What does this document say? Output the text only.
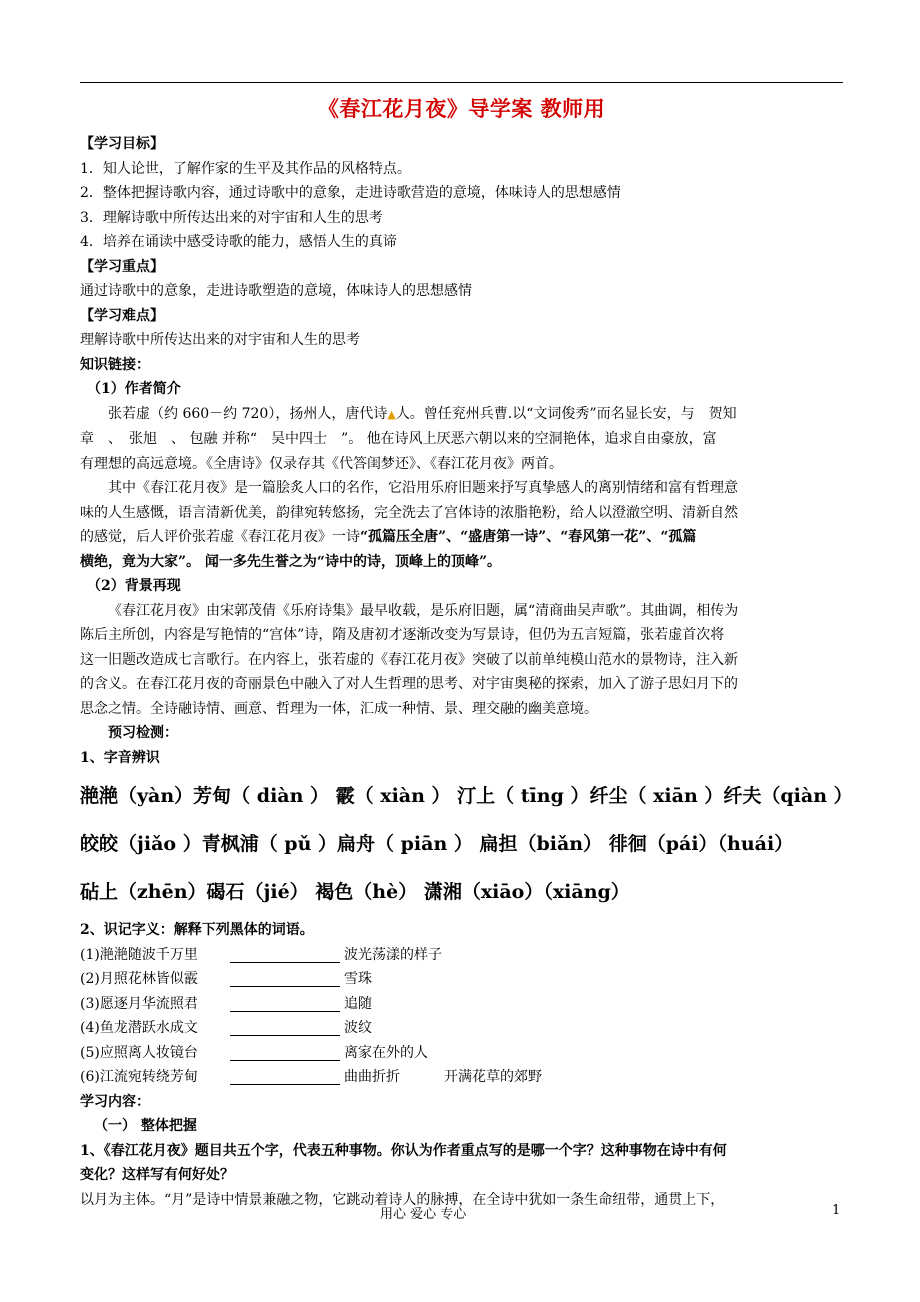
《春江花月夜》导学案 教师用

【学习目标】

1．知人论世，了解作家的生平及其作品的风格特点。

2．整体把握诗歌内容，通过诗歌中的意象，走进诗歌营造的意境，体味诗人的思想感情

3．理解诗歌中所传达出来的对宇宙和人生的思考

4．培养在诵读中感受诗歌的能力，感悟人生的真谛

【学习重点】

通过诗歌中的意象，走进诗歌塑造的意境，体味诗人的思想感情

【学习难点】

理解诗歌中所传达出来的对宇宙和人生的思考

知识链接：

（1）作者简介

张若虚（约 660－约 720），扬州人，唐代诗▲人。曾任兖州兵曹.以“文词俊秀”而名显长安，与　贺知

章　、　张旭　、 包融 并称“　吴中四士　”。 他在诗风上厌恶六朝以来的空洞艳体，追求自由豪放，富

有理想的高远意境。《全唐诗》仅录存其《代答闺梦还》、《春江花月夜》两首。

其中《春江花月夜》是一篇脍炙人口的名作，它沿用乐府旧题来抒写真挚感人的离别情绪和富有哲理意

味的人生感慨，语言清新优美，韵律宛转悠扬，完全洗去了宫体诗的浓脂艳粉，给人以澄澈空明、清新自然

的感觉，后人评价张若虚《春江花月夜》一诗“孤篇压全唐”、“盛唐第一诗”、“春风第一花”、“孤篇

横绝，竟为大家”。 闻一多先生誉之为“诗中的诗，顶峰上的顶峰”。

（2）背景再现

《春江花月夜》由宋郭茂倩《乐府诗集》最早收载，是乐府旧题，属“清商曲吴声歌”。其曲调，相传为

陈后主所创，内容是写艳情的“宫体”诗，隋及唐初才逐渐改变为写景诗，但仍为五言短篇，张若虚首次将

这一旧题改造成七言歌行。在内容上，张若虚的《春江花月夜》突破了以前单纯模山范水的景物诗，注入新

的含义。在春江花月夜的奇丽景色中融入了对人生哲理的思考、对宇宙奥秘的探索，加入了游子思妇月下的

思念之情。全诗融诗情、画意、哲理为一体，汇成一种情、景、理交融的幽美意境。

预习检测：

1、字音辨识

滟滟（yàn）芳甸（ diàn ） 霰（ xiàn ） 汀上（ tīng ）纤尘（ xiān ）纤夫（qiàn ）

皎皎（jiǎo ）青枫浦（ pǔ ）扁舟（ piān ） 扁担（biǎn） 徘徊（pái）（huái）

砧上（zhēn）碣石（jié） 褐色（hè） 潇湘（xiāo）（xiāng）

2、识记字义：解释下列黑体的词语。

(1)滟滟随波千万里	波光荡漾的样子
(2)月照花林皆似霰	雪珠
(3)愿逐月华流照君	追随
(4)鱼龙潜跃水成文	波纹
(5)应照离人妆镜台	离家在外的人
(6)江流宛转绕芳甸	曲曲折折	开满花草的郊野

学习内容：

（一） 整体把握

1、《春江花月夜》题目共五个字，代表五种事物。你认为作者重点写的是哪一个字？这种事物在诗中有何

变化？这样写有何好处？

以月为主体。“月”是诗中情景兼融之物，它跳动着诗人的脉搏，在全诗中犹如一条生命纽带，通贯上下，

用心 爱心 专心	1
